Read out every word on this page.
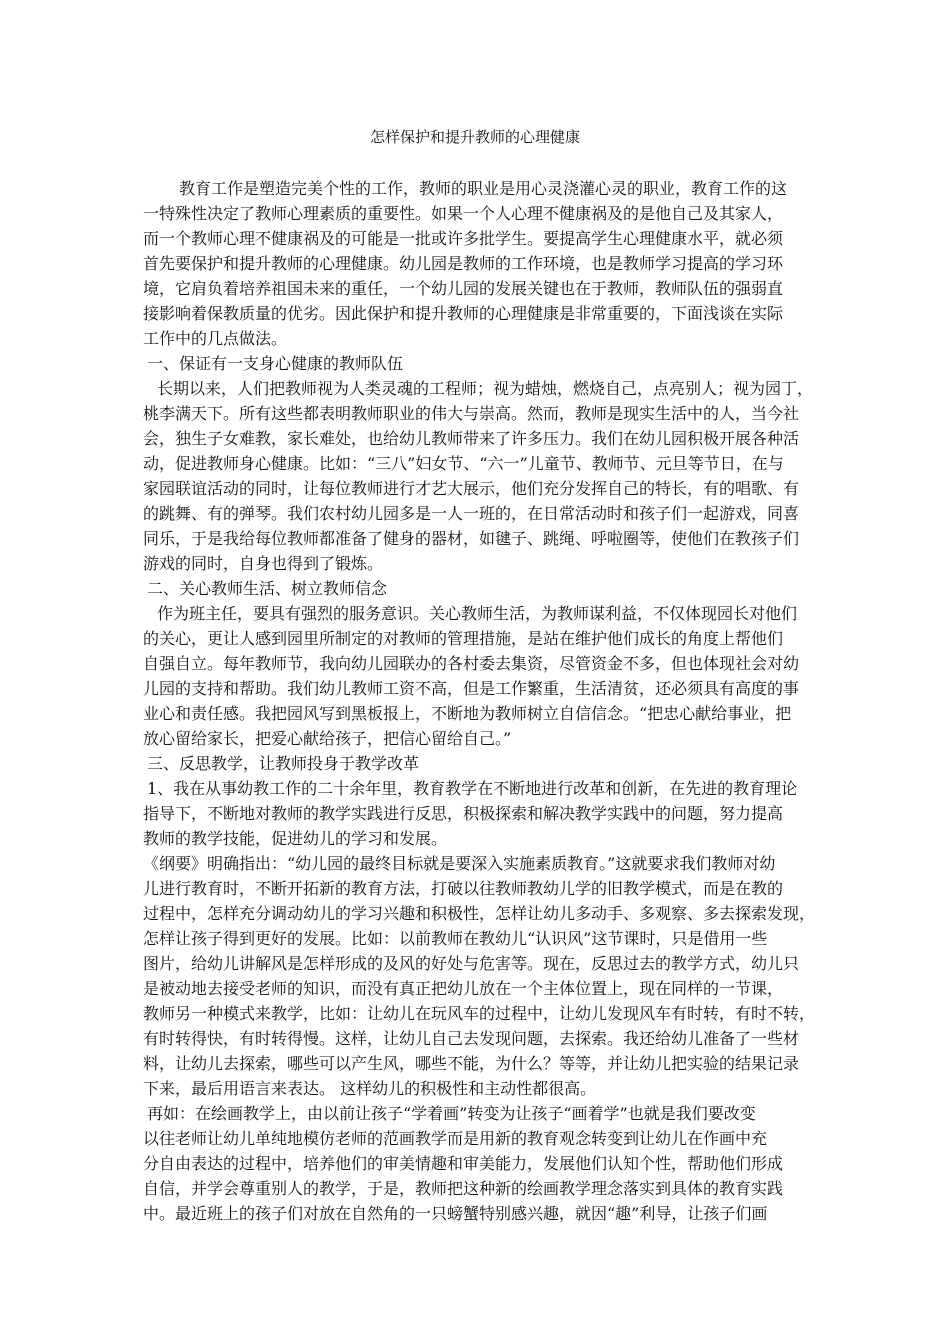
怎样保护和提升教师的心理健康
教育工作是塑造完美个性的工作，教师的职业是用心灵浇灌心灵的职业，教育工作的这
一特殊性决定了教师心理素质的重要性。如果一个人心理不健康祸及的是他自己及其家人，
而一个教师心理不健康祸及的可能是一批或许多批学生。要提高学生心理健康水平，就必须
首先要保护和提升教师的心理健康。幼儿园是教师的工作环境，也是教师学习提高的学习环
境，它肩负着培养祖国未来的重任，一个幼儿园的发展关键也在于教师，教师队伍的强弱直
接影响着保教质量的优劣。因此保护和提升教师的心理健康是非常重要的，下面浅谈在实际
工作中的几点做法。
一、保证有一支身心健康的教师队伍
长期以来，人们把教师视为人类灵魂的工程师；视为蜡烛，燃烧自己，点亮别人；视为园丁，
桃李满天下。所有这些都表明教师职业的伟大与崇高。然而，教师是现实生活中的人，当今社
会，独生子女难教，家长难处，也给幼儿教师带来了许多压力。我们在幼儿园积极开展各种活
动，促进教师身心健康。比如：“三八”妇女节、“六一”儿童节、教师节、元旦等节日，在与
家园联谊活动的同时，让每位教师进行才艺大展示，他们充分发挥自己的特长，有的唱歌、有
的跳舞、有的弹琴。我们农村幼儿园多是一人一班的，在日常活动时和孩子们一起游戏，同喜
同乐，于是我给每位教师都准备了健身的器材，如毽子、跳绳、呼啦圈等，使他们在教孩子们
游戏的同时，自身也得到了锻炼。
二、关心教师生活、树立教师信念
作为班主任，要具有强烈的服务意识。关心教师生活，为教师谋利益，不仅体现园长对他们
的关心，更让人感到园里所制定的对教师的管理措施，是站在维护他们成长的角度上帮他们
自强自立。每年教师节，我向幼儿园联办的各村委去集资，尽管资金不多，但也体现社会对幼
儿园的支持和帮助。我们幼儿教师工资不高，但是工作繁重，生活清贫，还必须具有高度的事
业心和责任感。我把园风写到黑板报上，不断地为教师树立自信信念。“把忠心献给事业，把
放心留给家长，把爱心献给孩子，把信心留给自己。”
三、反思教学，让教师投身于教学改革
1、我在从事幼教工作的二十余年里，教育教学在不断地进行改革和创新，在先进的教育理论
指导下，不断地对教师的教学实践进行反思，积极探索和解决教学实践中的问题，努力提高
教师的教学技能，促进幼儿的学习和发展。
《纲要》明确指出：“幼儿园的最终目标就是要深入实施素质教育。”这就要求我们教师对幼
儿进行教育时，不断开拓新的教育方法，打破以往教师教幼儿学的旧教学模式，而是在教的
过程中，怎样充分调动幼儿的学习兴趣和积极性，怎样让幼儿多动手、多观察、多去探索发现，
怎样让孩子得到更好的发展。比如：以前教师在教幼儿“认识风”这节课时，只是借用一些
图片，给幼儿讲解风是怎样形成的及风的好处与危害等。现在，反思过去的教学方式，幼儿只
是被动地去接受老师的知识，而没有真正把幼儿放在一个主体位置上，现在同样的一节课，
教师另一种模式来教学，比如：让幼儿在玩风车的过程中，让幼儿发现风车有时转，有时不转，
有时转得快，有时转得慢。这样，让幼儿自己去发现问题，去探索。我还给幼儿准备了一些材
料，让幼儿去探索，哪些可以产生风，哪些不能，为什么？等等，并让幼儿把实验的结果记录
下来，最后用语言来表达。 这样幼儿的积极性和主动性都很高。
再如：在绘画教学上，由以前让孩子“学着画”转变为让孩子“画着学”也就是我们要改变
以往老师让幼儿单纯地模仿老师的范画教学而是用新的教育观念转变到让幼儿在作画中充
分自由表达的过程中，培养他们的审美情趣和审美能力，发展他们认知个性，帮助他们形成
自信，并学会尊重别人的教学，于是，教师把这种新的绘画教学理念落实到具体的教育实践
中。最近班上的孩子们对放在自然角的一只螃蟹特别感兴趣，就因“趣”利导，让孩子们画
